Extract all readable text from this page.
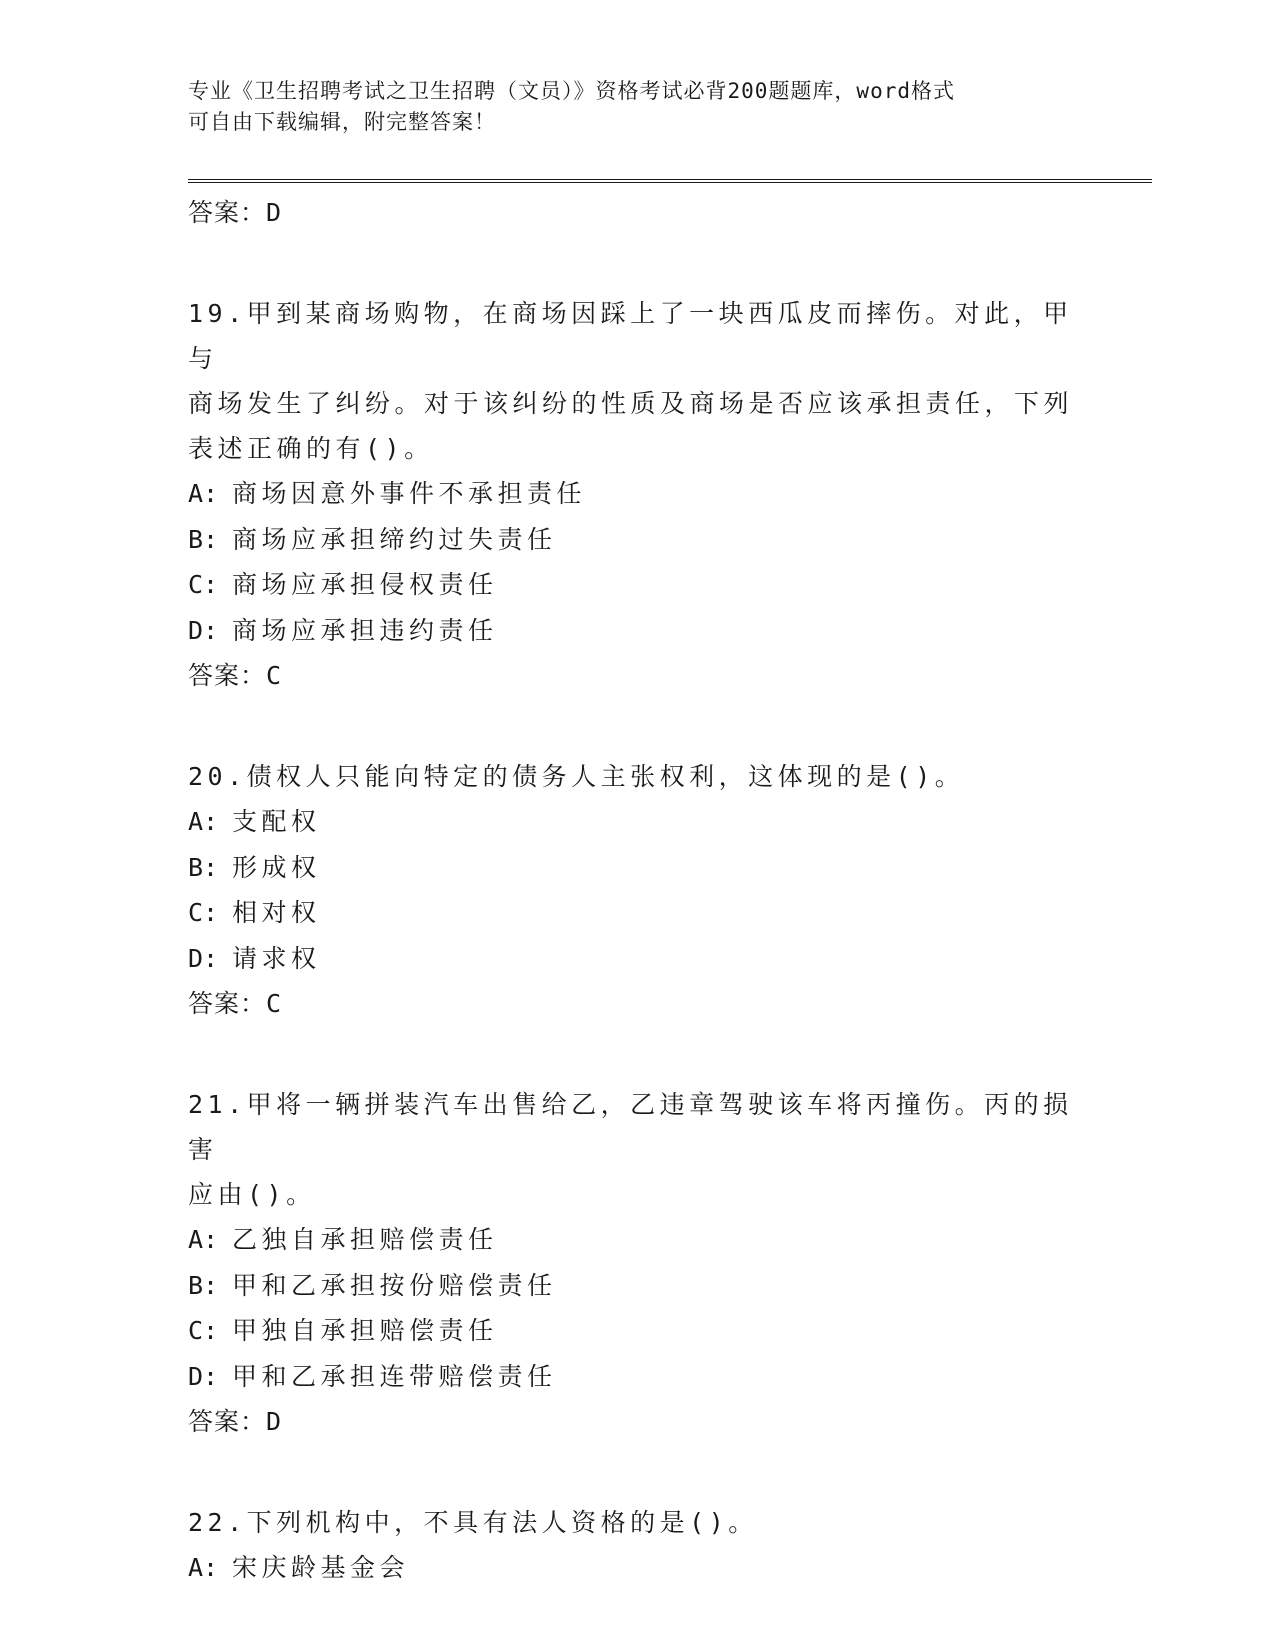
专业《卫生招聘考试之卫生招聘（文员）》资格考试必背200题题库，word格式
可自由下载编辑，附完整答案！
答案：D
19.甲到某商场购物，在商场因踩上了一块西瓜皮而摔伤。对此，甲与
商场发生了纠纷。对于该纠纷的性质及商场是否应该承担责任，下列
表述正确的有()。
A: 商场因意外事件不承担责任
B: 商场应承担缔约过失责任
C: 商场应承担侵权责任
D: 商场应承担违约责任
答案：C
20.债权人只能向特定的债务人主张权利，这体现的是()。
A: 支配权
B: 形成权
C: 相对权
D: 请求权
答案：C
21.甲将一辆拼装汽车出售给乙，乙违章驾驶该车将丙撞伤。丙的损害
应由()。
A: 乙独自承担赔偿责任
B: 甲和乙承担按份赔偿责任
C: 甲独自承担赔偿责任
D: 甲和乙承担连带赔偿责任
答案：D
22.下列机构中，不具有法人资格的是()。
A: 宋庆龄基金会
